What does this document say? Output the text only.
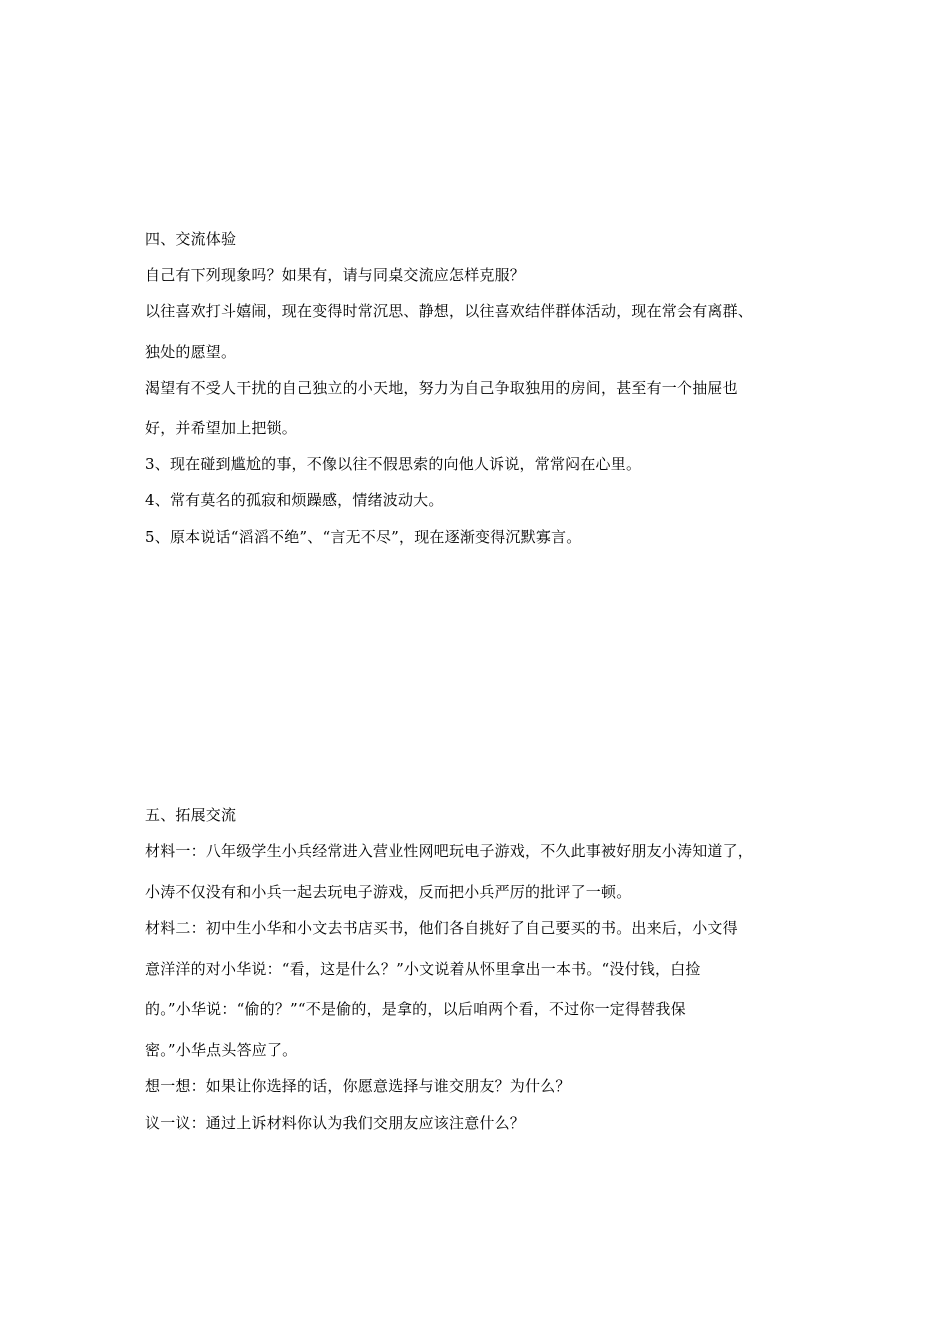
四、交流体验
自己有下列现象吗？如果有，请与同桌交流应怎样克服？
以往喜欢打斗嬉闹，现在变得时常沉思、静想，以往喜欢结伴群体活动，现在常会有离群、
独处的愿望。
渴望有不受人干扰的自己独立的小天地，努力为自己争取独用的房间，甚至有一个抽屉也
好，并希望加上把锁。
3、现在碰到尴尬的事，不像以往不假思索的向他人诉说，常常闷在心里。
4、常有莫名的孤寂和烦躁感，情绪波动大。
5、原本说话“滔滔不绝”、“言无不尽”，现在逐渐变得沉默寡言。
五、拓展交流
材料一：八年级学生小兵经常进入营业性网吧玩电子游戏，不久此事被好朋友小涛知道了，
小涛不仅没有和小兵一起去玩电子游戏，反而把小兵严厉的批评了一顿。
材料二：初中生小华和小文去书店买书，他们各自挑好了自己要买的书。出来后，小文得
意洋洋的对小华说：“看，这是什么？”小文说着从怀里拿出一本书。“没付钱，白捡
的。”小华说：“偷的？”“不是偷的，是拿的，以后咱两个看，不过你一定得替我保
密。”小华点头答应了。
想一想：如果让你选择的话，你愿意选择与谁交朋友？为什么？
议一议：通过上诉材料你认为我们交朋友应该注意什么？
